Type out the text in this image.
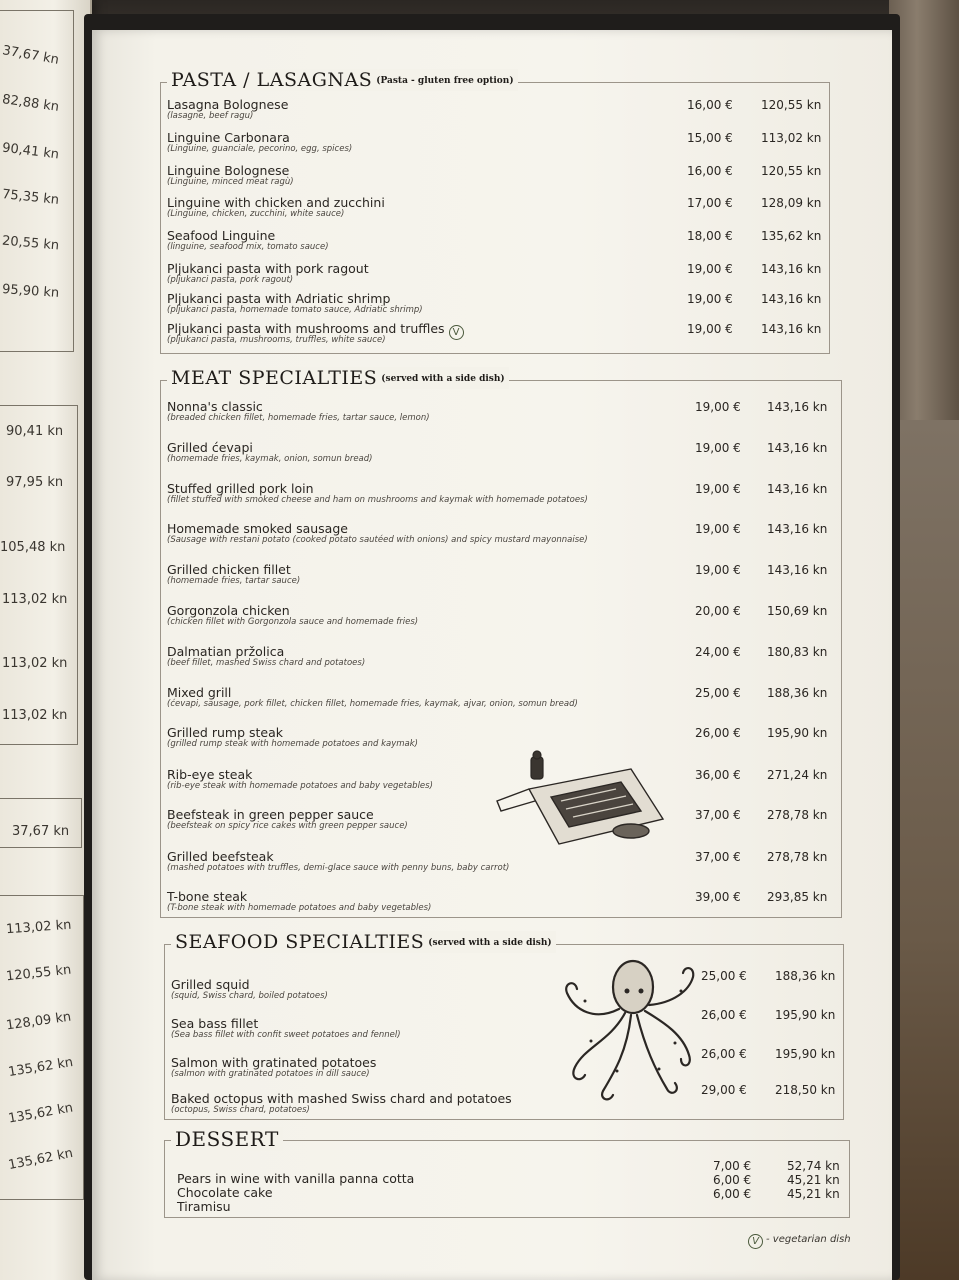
37,67 kn
82,88 kn
90,41 kn
75,35 kn
20,55 kn
95,90 kn
90,41 kn
97,95 kn
105,48 kn
113,02 kn
113,02 kn
113,02 kn
37,67 kn
113,02 kn
120,55 kn
128,09 kn
135,62 kn
135,62 kn
135,62 kn
PASTA / LASAGNAS (Pasta - gluten free option)
Lasagna Bolognese
(lasagne, beef ragu)
16,00 € 120,55 kn
Linguine Carbonara
(Linguine, guanciale, pecorino, egg, spices)
15,00 € 113,02 kn
Linguine Bolognese
(Linguine, minced meat ragù)
16,00 € 120,55 kn
Linguine with chicken and zucchini
(Linguine, chicken, zucchini, white sauce)
17,00 € 128,09 kn
Seafood Linguine
(linguine, seafood mix, tomato sauce)
18,00 € 135,62 kn
Pljukanci pasta with pork ragout
(pljukanci pasta, pork ragout)
19,00 € 143,16 kn
Pljukanci pasta with Adriatic shrimp
(pljukanci pasta, homemade tomato sauce, Adriatic shrimp)
19,00 € 143,16 kn
Pljukanci pasta with mushrooms and truffles V
(pljukanci pasta, mushrooms, truffles, white sauce)
19,00 € 143,16 kn
MEAT SPECIALTIES (served with a side dish)
Nonna's classic
(breaded chicken fillet, homemade fries, tartar sauce, lemon)
19,00 € 143,16 kn
Grilled ćevapi
(homemade fries, kaymak, onion, somun bread)
19,00 € 143,16 kn
Stuffed grilled pork loin
(fillet stuffed with smoked cheese and ham on mushrooms and kaymak with homemade potatoes)
19,00 € 143,16 kn
Homemade smoked sausage
(Sausage with restani potato (cooked potato sautéed with onions) and spicy mustard mayonnaise)
19,00 € 143,16 kn
Grilled chicken fillet
(homemade fries, tartar sauce)
19,00 € 143,16 kn
Gorgonzola chicken
(chicken fillet with Gorgonzola sauce and homemade fries)
20,00 € 150,69 kn
Dalmatian pržolica
(beef fillet, mashed Swiss chard and potatoes)
24,00 € 180,83 kn
Mixed grill
(ćevapi, sausage, pork fillet, chicken fillet, homemade fries, kaymak, ajvar, onion, somun bread)
25,00 € 188,36 kn
Grilled rump steak
(grilled rump steak with homemade potatoes and kaymak)
26,00 € 195,90 kn
Rib-eye steak
(rib-eye steak with homemade potatoes and baby vegetables)
36,00 € 271,24 kn
Beefsteak in green pepper sauce
(beefsteak on spicy rice cakes with green pepper sauce)
37,00 € 278,78 kn
Grilled beefsteak
(mashed potatoes with truffles, demi-glace sauce with penny buns, baby carrot)
37,00 € 278,78 kn
T-bone steak
(T-bone steak with homemade potatoes and baby vegetables)
39,00 € 293,85 kn
SEAFOOD SPECIALTIES (served with a side dish)
Grilled squid
(squid, Swiss chard, boiled potatoes)
25,00 € 188,36 kn
Sea bass fillet
(Sea bass fillet with confit sweet potatoes and fennel)
26,00 € 195,90 kn
Salmon with gratinated potatoes
(salmon with gratinated potatoes in dill sauce)
26,00 € 195,90 kn
Baked octopus with mashed Swiss chard and potatoes
(octopus, Swiss chard, potatoes)
29,00 € 218,50 kn
DESSERT
Pears in wine with vanilla panna cotta
Chocolate cake
Tiramisu
7,00 €
6,00 €
6,00 €
52,74 kn
45,21 kn
45,21 kn
V - vegetarian dish
